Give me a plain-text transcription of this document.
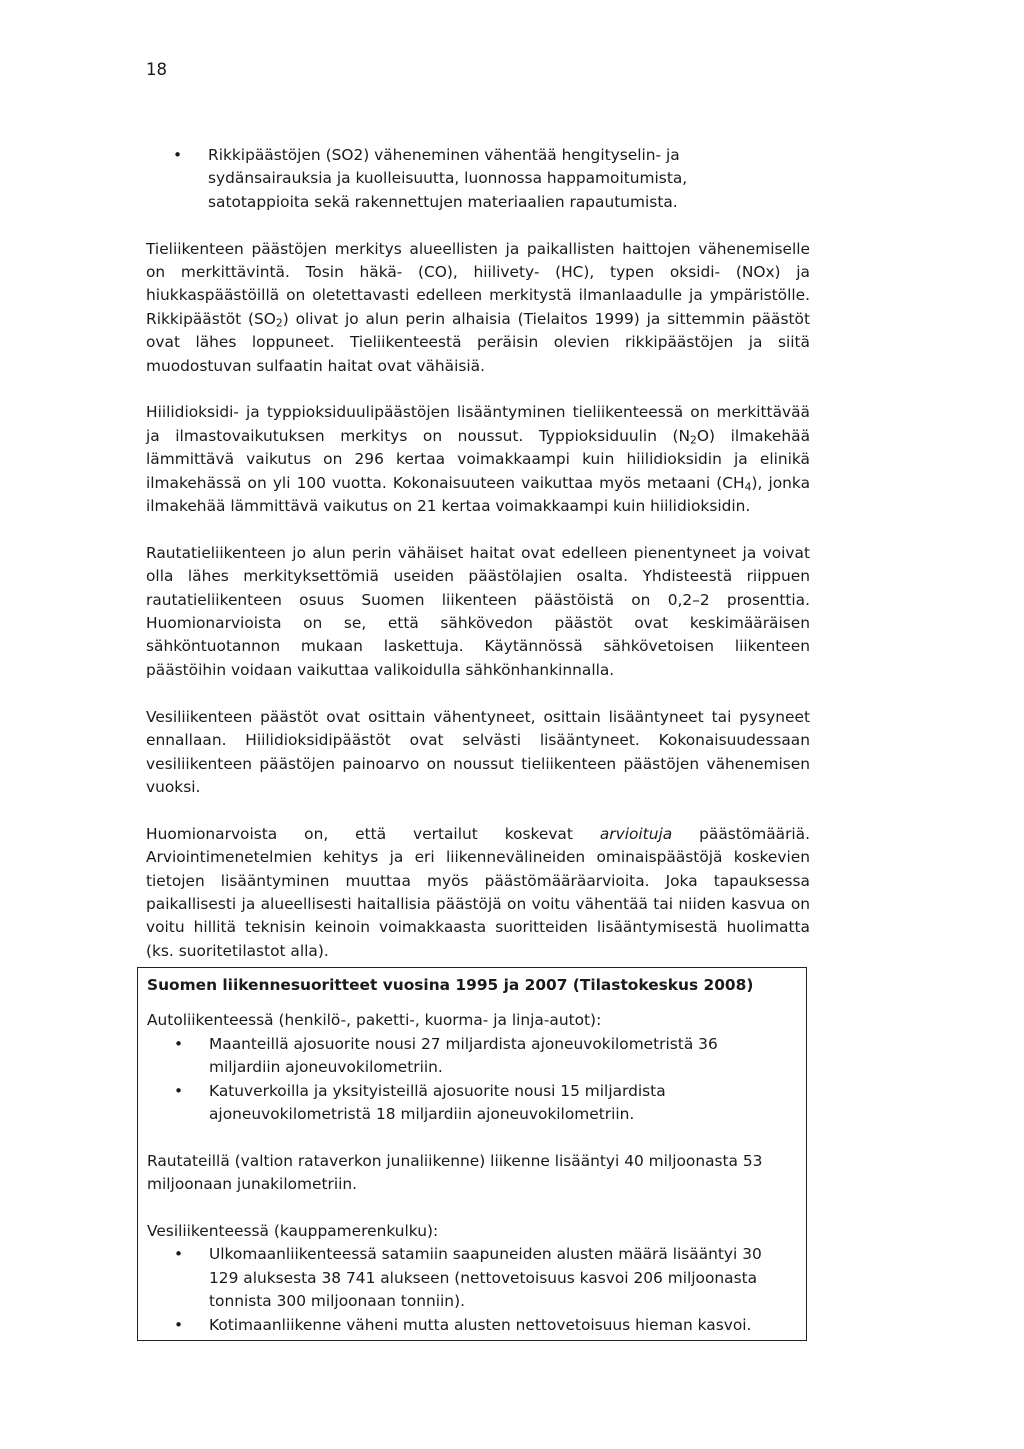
18
• Rikkipäästöjen (SO2) väheneminen vähentää hengityselin- ja sydänsairauksia ja kuolleisuutta, luonnossa happamoitumista, satotappioita sekä rakennettujen materiaalien rapautumista.

Tieliikenteen päästöjen merkitys alueellisten ja paikallisten haittojen vähenemiselle on merkittävintä. Tosin häkä- (CO), hiilivety- (HC), typen oksidi- (NOx) ja hiukkaspäästöillä on oletettavasti edelleen merkitystä ilmanlaadulle ja ympäristölle. Rikkipäästöt $(SO_2)$ olivat jo alun perin alhaisia (Tielaitos 1999) ja sittemmin päästöt ovat lähes loppuneet. Tieliikenteestä peräisin olevien rikkipäästöjen ja siitä muodostuvan sulfaatin haitat ovat vähäisiä.

Hiilidioksidi- ja typpioksiduulipäästöjen lisääntyminen tieliikenteessä on merkittävää ja ilmastovaikutuksen merkitys on noussut. Typpioksiduulin $(N_2O)$ ilmakehää lämmittävä vaikutus on 296 kertaa voimakkaampi kuin hiilidioksidin ja elinikä ilmakehässä on yli 100 vuotta. Kokonaisuuteen vaikuttaa myös metaani $(CH_4)$, jonka ilmakehää lämmittävä vaikutus on 21 kertaa voimakkaampi kuin hiilidioksidin.

Rautatieliikenteen jo alun perin vähäiset haitat ovat edelleen pienentyneet ja voivat olla lähes merkityksettömiä useiden päästölajien osalta. Yhdisteestä riippuen rautatieliikenteen osuus Suomen liikenteen päästöistä on 0,2–2 prosenttia. Huomionarvioista on se, että sähkövedon päästöt ovat keskimääräisen sähköntuotannon mukaan laskettuja. Käytännössä sähkövetoisen liikenteen päästöihin voidaan vaikuttaa valikoidulla sähkönhankinnalla.

Vesiliikenteen päästöt ovat osittain vähentyneet, osittain lisääntyneet tai pysyneet ennallaan. Hiilidioksidipäästöt ovat selvästi lisääntyneet. Kokonaisuudessaan vesiliikenteen päästöjen painoarvo on noussut tieliikenteen päästöjen vähenemisen vuoksi.

Huomionarvoista on, että vertailut koskevat arvioituja päästömääriä. Arviointimenetelmien kehitys ja eri liikennevälineiden ominaispäästöjä koskevien tietojen lisääntyminen muuttaa myös päästömääräarvioita. Joka tapauksessa paikallisesti ja alueellisesti haitallisia päästöjä on voitu vähentää tai niiden kasvua on voitu hillitä teknisin keinoin voimakkaasta suoritteiden lisääntymisestä huolimatta (ks. suoritetilastot alla).

Suomen liikennesuoritteet vuosina 1995 ja 2007 (Tilastokeskus 2008)

Autoliikenteessä (henkilö-, paketti-, kuorma- ja linja-autot):

• Maanteillä ajosuorite nousi 27 miljardista ajoneuvokilometristä 36 miljardiin ajoneuvokilometriin.
• Katuverkoilla ja yksityisteillä ajosuorite nousi 15 miljardista ajoneuvokilometristä 18 miljardiin ajoneuvokilometriin.

Rautateillä (valtion rataverkon junaliikenne) liikenne lisääntyi 40 miljoonasta 53 miljoonaan junakilometriin.

Vesiliikenteessä (kauppamerenkulku):

• Ulkomaanliikenteessä satamiin saapuneiden alusten määrä lisääntyi 30 129 aluksesta 38 741 alukseen (nettovetoisuus kasvoi 206 miljoonasta tonnista 300 miljoonaan tonniin).
• Kotimaanliikenne väheni mutta alusten nettovetoisuus hieman kasvoi.
